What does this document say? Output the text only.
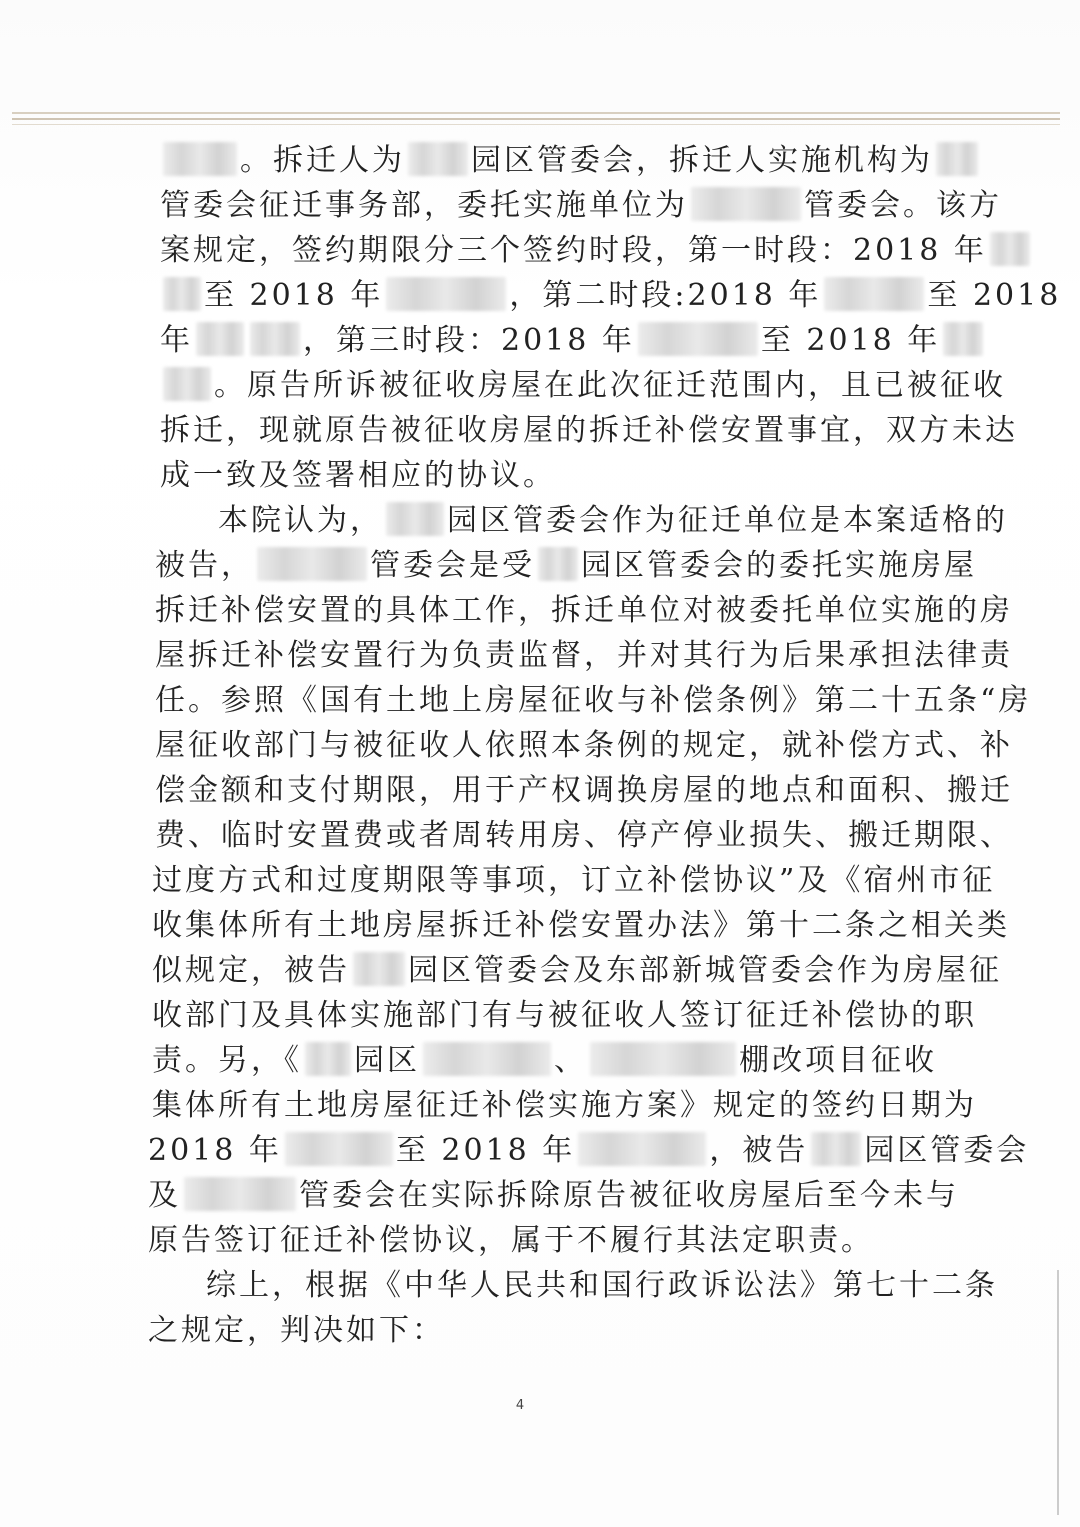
。拆迁人为 园区管委会，拆迁人实施机构为
管委会征迁事务部，委托实施单位为	管委会。该方
案规定，签约期限分三个签约时段，第一时段：2018 年
至 2018 年	，第二时段:2018 年	至 2018
年	，第三时段：2018 年	至 2018 年
。原告所诉被征收房屋在此次征迁范围内，且已被征收
拆迁，现就原告被征收房屋的拆迁补偿安置事宜，双方未达
成一致及签署相应的协议。
本院认为， 园区管委会作为征迁单位是本案适格的
被告，	管委会是受 园区管委会的委托实施房屋
拆迁补偿安置的具体工作，拆迁单位对被委托单位实施的房
屋拆迁补偿安置行为负责监督，并对其行为后果承担法律责
任。参照《国有土地上房屋征收与补偿条例》第二十五条“房
屋征收部门与被征收人依照本条例的规定，就补偿方式、补
偿金额和支付期限，用于产权调换房屋的地点和面积、搬迁
费、临时安置费或者周转用房、停产停业损失、搬迁期限、
过度方式和过度期限等事项，订立补偿协议”及《宿州市征
收集体所有土地房屋拆迁补偿安置办法》第十二条之相关类
似规定，被告 园区管委会及东部新城管委会作为房屋征
收部门及具体实施部门有与被征收人签订征迁补偿协的职
责。另，《 园区	、	棚改项目征收
集体所有土地房屋征迁补偿实施方案》规定的签约日期为
2018 年	至 2018 年	，被告 园区管委会
及	管委会在实际拆除原告被征收房屋后至今未与
原告签订征迁补偿协议，属于不履行其法定职责。
综上，根据《中华人民共和国行政诉讼法》第七十二条
之规定，判决如下：
4
